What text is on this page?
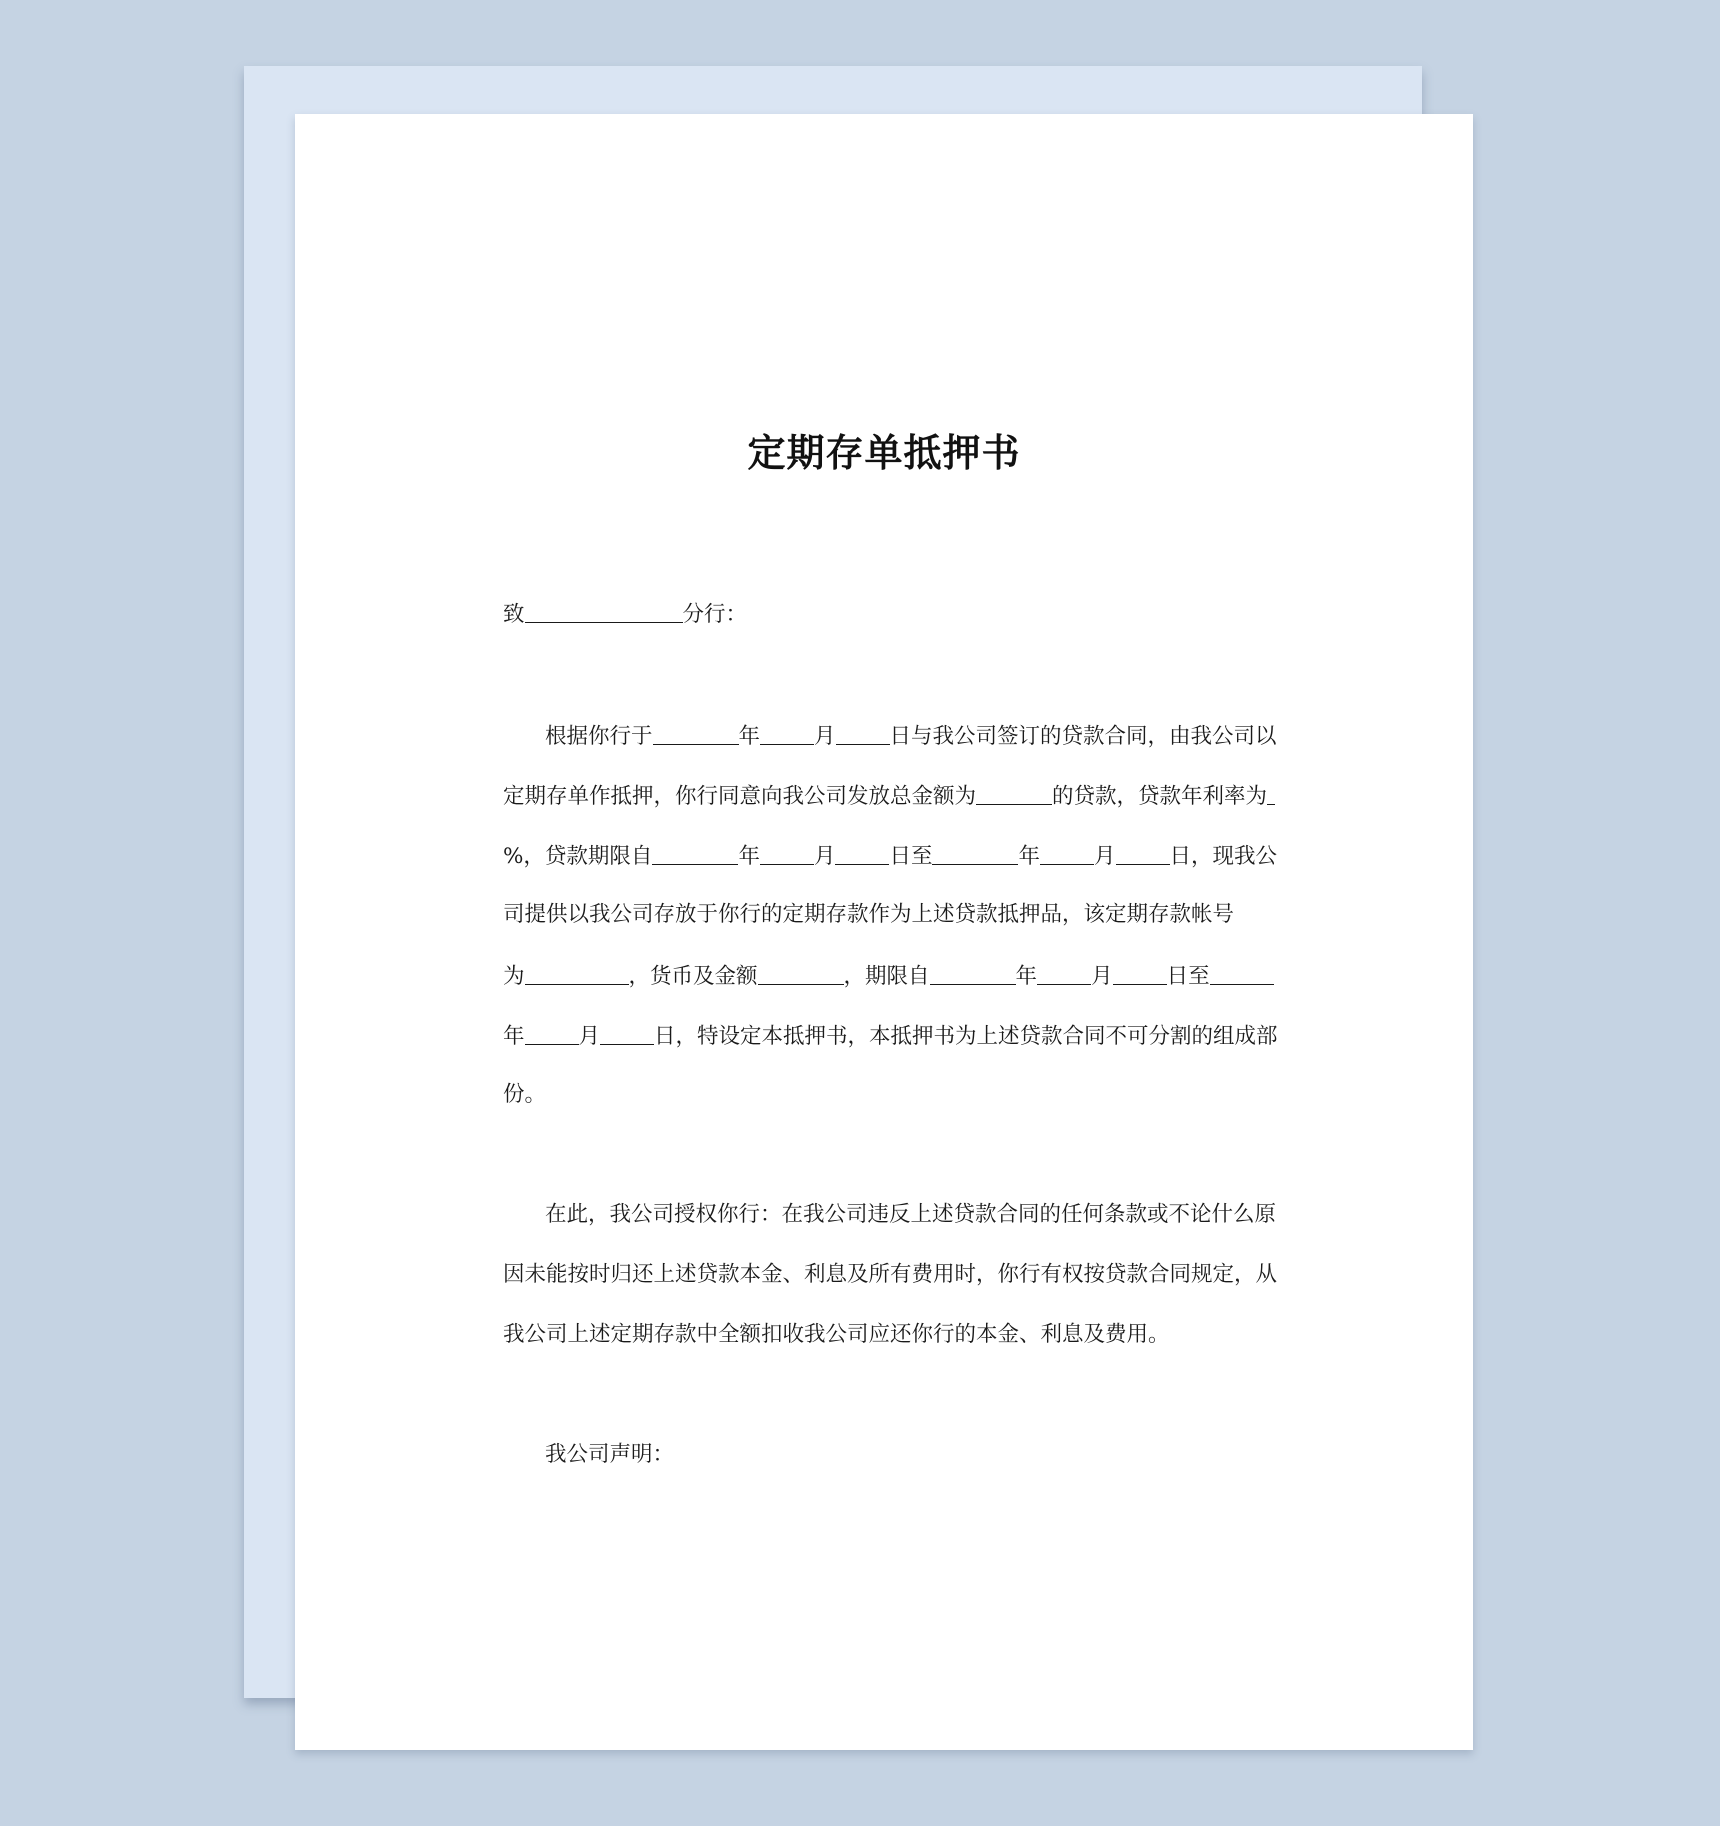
定期存单抵押书
致	分行：
根据你行于	年	月	日与我公司签订的贷款合同，由我公司以
定期存单作抵押，你行同意向我公司发放总金额为	的贷款，贷款年利率为
%，贷款期限自	年	月	日至	年	月	日，现我公
司提供以我公司存放于你行的定期存款作为上述贷款抵押品，该定期存款帐号
为	，货币及金额	，期限自	年	月	日至
年	月	日，特设定本抵押书，本抵押书为上述贷款合同不可分割的组成部
份。
在此，我公司授权你行：在我公司违反上述贷款合同的任何条款或不论什么原
因未能按时归还上述贷款本金、利息及所有费用时，你行有权按贷款合同规定，从
我公司上述定期存款中全额扣收我公司应还你行的本金、利息及费用。
我公司声明：
